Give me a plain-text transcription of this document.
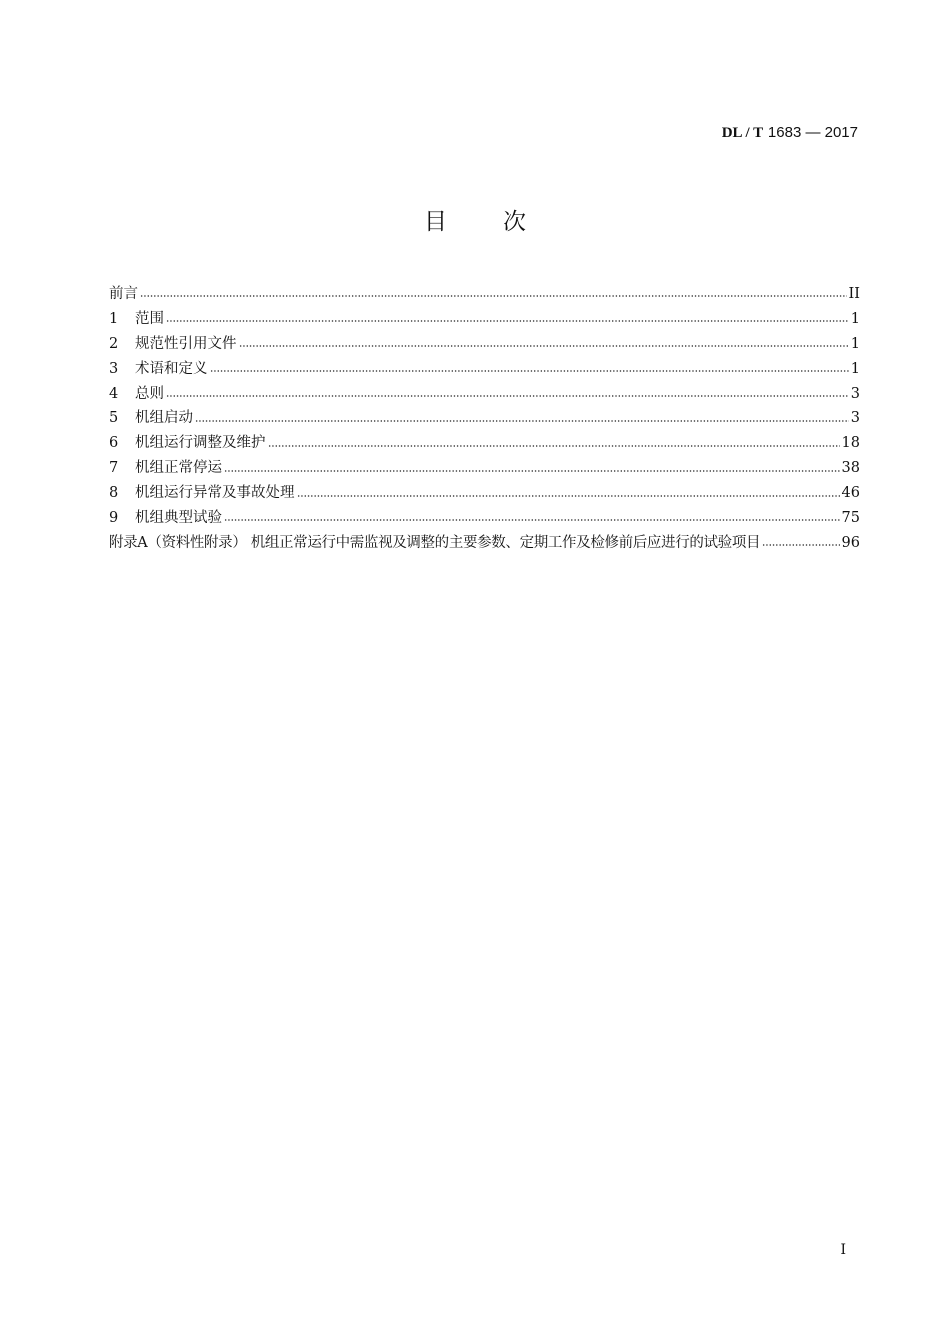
DL / T 1683 — 2017
目次
前言	II
1	范围	1
2	规范性引用文件	1
3	术语和定义	1
4	总则	3
5	机组启动	3
6	机组运行调整及维护	18
7	机组正常停运	38
8	机组运行异常及事故处理	46
9	机组典型试验	75
附录A（资料性附录） 机组正常运行中需监视及调整的主要参数、定期工作及检修前后应进行的试验项目	96
I
